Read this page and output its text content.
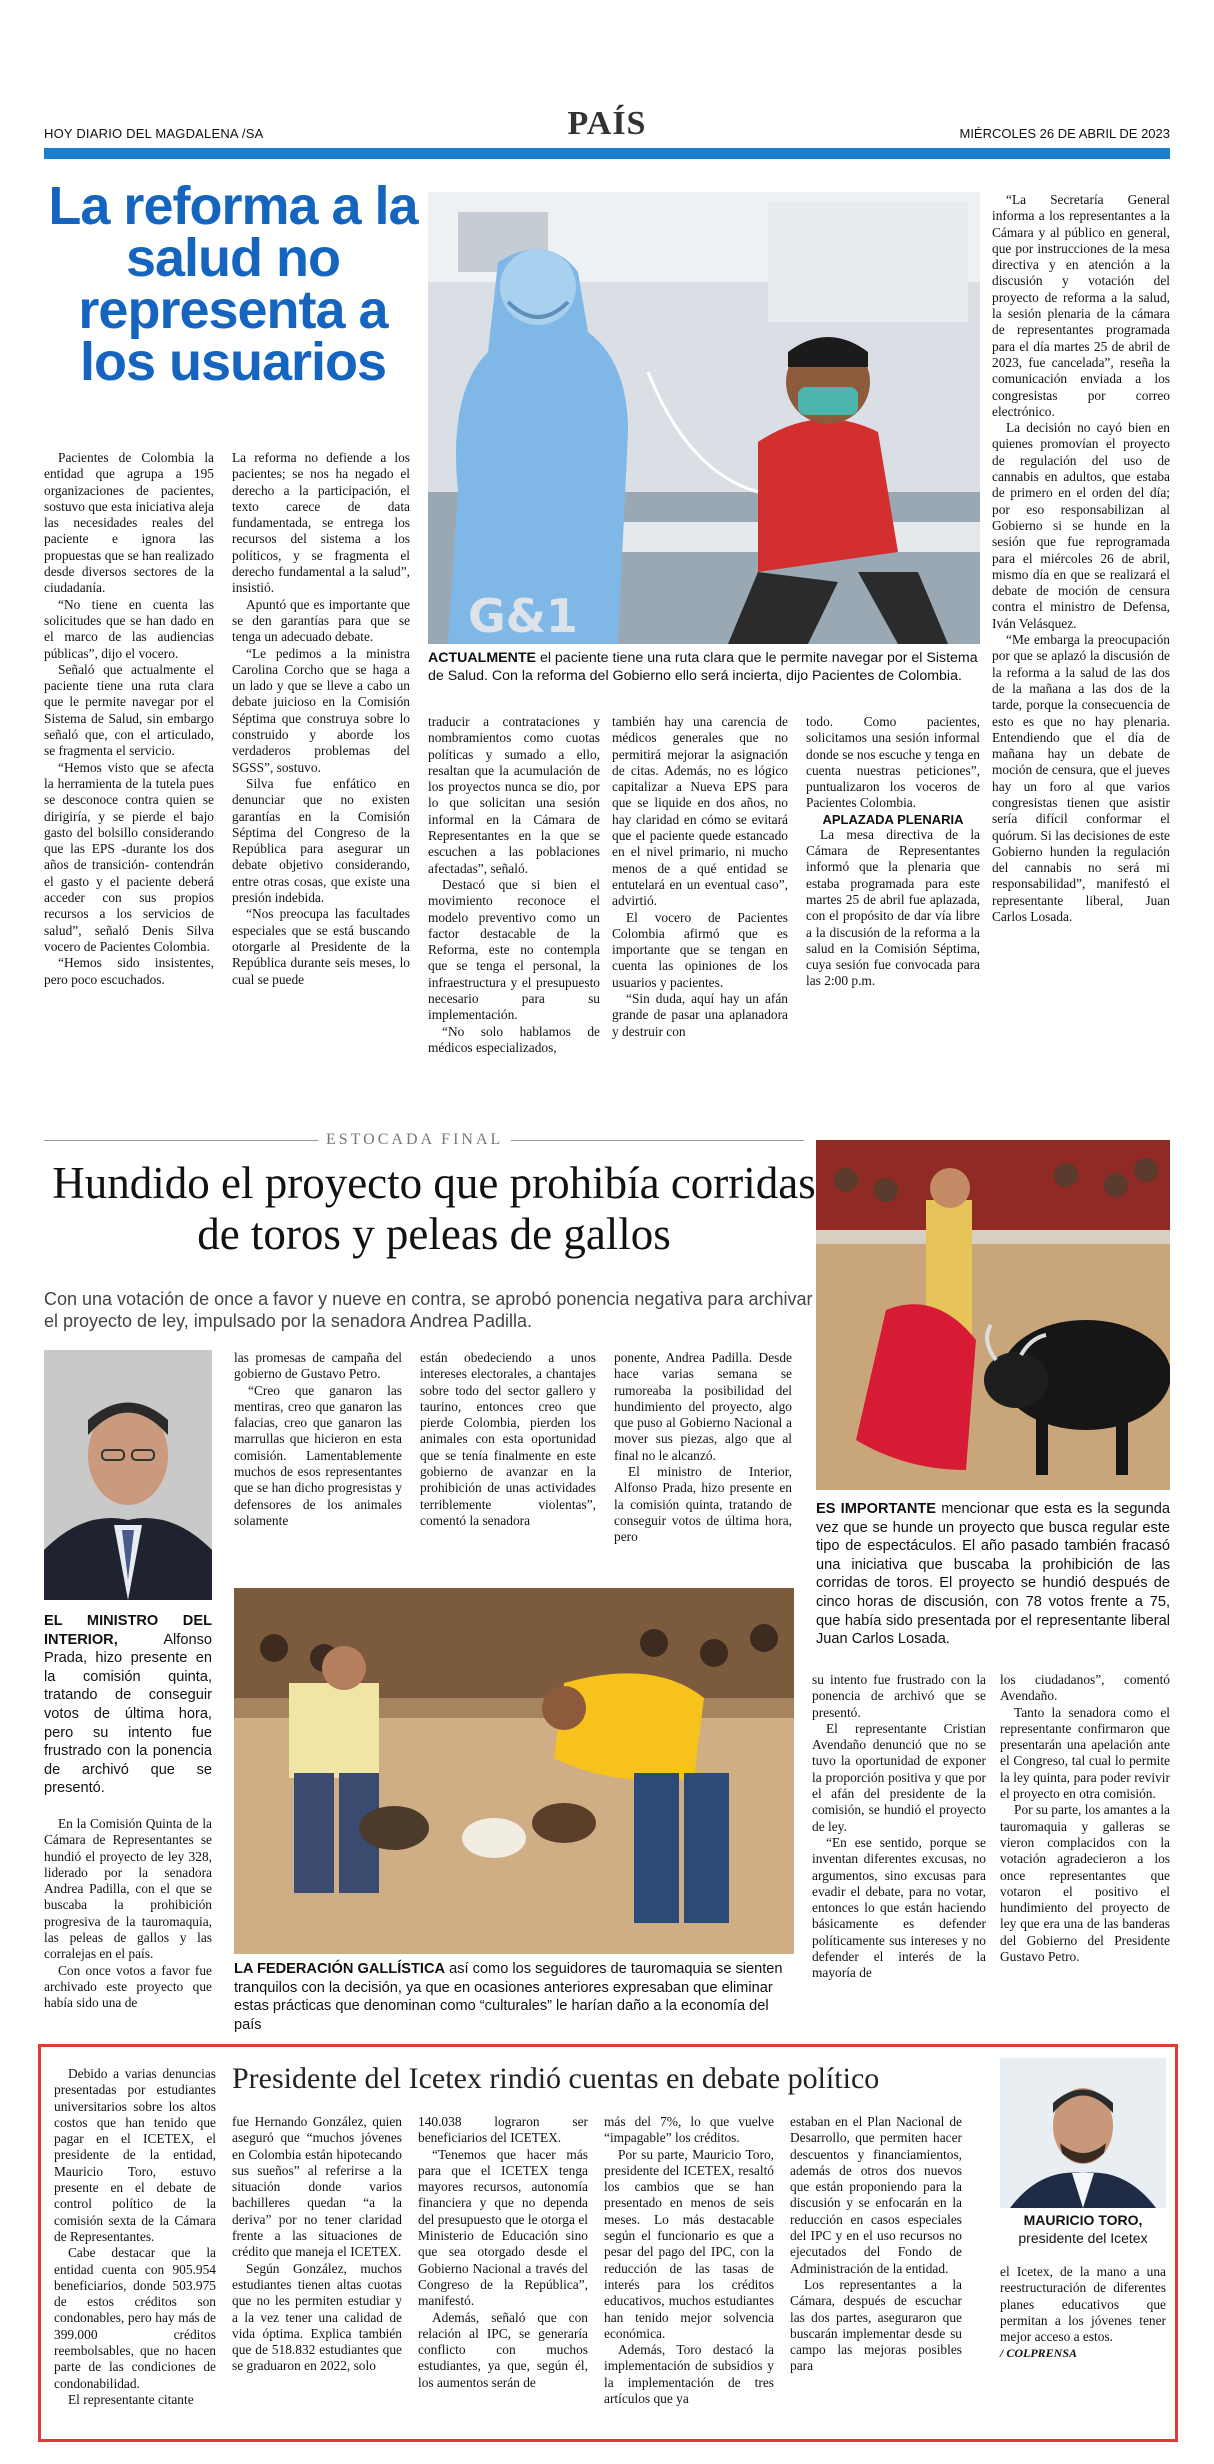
HOY DIARIO DEL MAGDALENA /SA	PAÍS	MIÉRCOLES 26 DE ABRIL DE 2023
La reforma a la salud no representa a los usuarios
G&1
ACTUALMENTE el paciente tiene una ruta clara que le permite navegar por el Sistema de Salud. Con la reforma del Gobierno ello será incierta, dijo Pacientes de Colombia.

Pacientes de Colombia la entidad que agrupa a 195 organizaciones de pacientes, sostuvo que esta iniciativa aleja las necesidades reales del paciente e ignora las propuestas que se han realizado desde diversos sectores de la ciudadanía.

“No tiene en cuenta las solicitudes que se han dado en el marco de las audiencias públicas”, dijo el vocero.

Señaló que actualmente el paciente tiene una ruta clara que le permite navegar por el Sistema de Salud, sin embargo señaló que, con el articulado, se fragmenta el servicio.

“Hemos visto que se afecta la herramienta de la tutela pues se desconoce contra quien se dirigiría, y se pierde el bajo gasto del bolsillo considerando que las EPS -durante los dos años de transición- contendrán el gasto y el paciente deberá acceder con sus propios recursos a los servicios de salud”, señaló Denis Silva vocero de Pacientes Colombia.

“Hemos sido insistentes, pero poco escuchados.

La reforma no defiende a los pacientes; se nos ha negado el derecho a la participación, el texto carece de data fundamentada, se entrega los recursos del sistema a los políticos, y se fragmenta el derecho fundamental a la salud”, insistió.

Apuntó que es importante que se den garantías para que se tenga un adecuado debate.

“Le pedimos a la ministra Carolina Corcho que se haga a un lado y que se lleve a cabo un debate juicioso en la Comisión Séptima que construya sobre lo construido y aborde los verdaderos problemas del SGSS”, sostuvo.

Silva fue enfático en denunciar que no existen garantías en la Comisión Séptima del Congreso de la República para asegurar un debate objetivo considerando, entre otras cosas, que existe una presión indebida.

“Nos preocupa las facultades especiales que se está buscando otorgarle al Presidente de la República durante seis meses, lo cual se puede

traducir a contrataciones y nombramientos como cuotas políticas y sumado a ello, resaltan que la acumulación de los proyectos nunca se dio, por lo que solicitan una sesión informal en la Cámara de Representantes en la que se escuchen a las poblaciones afectadas”, señaló.

Destacó que si bien el movimiento reconoce el modelo preventivo como un factor destacable de la Reforma, este no contempla que se tenga el personal, la infraestructura y el presupuesto necesario para su implementación.

“No solo hablamos de médicos especializados,

también hay una carencia de médicos generales que no permitirá mejorar la asignación de citas. Además, no es lógico capitalizar a Nueva EPS para que se liquide en dos años, no hay claridad en cómo se evitará que el paciente quede estancado en el nivel primario, ni mucho menos de a qué entidad se entutelará en un eventual caso”, advirtió.

El vocero de Pacientes Colombia afirmó que es importante que se tengan en cuenta las opiniones de los usuarios y pacientes.

“Sin duda, aquí hay un afán grande de pasar una aplanadora y destruir con

todo. Como pacientes, solicitamos una sesión informal donde se nos escuche y tenga en cuenta nuestras peticiones”, puntualizaron los voceros de Pacientes Colombia.

APLAZADA PLENARIA

La mesa directiva de la Cámara de Representantes informó que la plenaria que estaba programada para este martes 25 de abril fue aplazada, con el propósito de dar vía libre a la discusión de la reforma a la salud en la Comisión Séptima, cuya sesión fue convocada para las 2:00 p.m.

“La Secretaría General informa a los representantes a la Cámara y al público en general, que por instrucciones de la mesa directiva y en atención a la discusión y votación del proyecto de reforma a la salud, la sesión plenaria de la cámara de representantes programada para el día martes 25 de abril de 2023, fue cancelada”, reseña la comunicación enviada a los congresistas por correo electrónico.

La decisión no cayó bien en quienes promovían el proyecto de regulación del uso de cannabis en adultos, que estaba de primero en el orden del día; por eso responsabilizan al Gobierno si se hunde en la sesión que fue reprogramada para el miércoles 26 de abril, mismo día en que se realizará el debate de moción de censura contra el ministro de Defensa, Iván Velásquez.

“Me embarga la preocupación por que se aplazó la discusión de la reforma a la salud de las dos de la mañana a las dos de la tarde, porque la consecuencia de esto es que no hay plenaria. Entendiendo que el día de mañana hay un debate de moción de censura, que el jueves hay un foro al que varios congresistas tienen que asistir sería difícil conformar el quórum. Si las decisiones de este Gobierno hunden la regulación del cannabis no será mi responsabilidad”, manifestó el representante liberal, Juan Carlos Losada.

ESTOCADA FINAL
Hundido el proyecto que prohibía corridas de toros y peleas de gallos
Con una votación de once a favor y nueve en contra, se aprobó ponencia negativa para archivar el proyecto de ley, impulsado por la senadora Andrea Padilla.
ES IMPORTANTE mencionar que esta es la segunda vez que se hunde un proyecto que busca regular este tipo de espectáculos. El año pasado también fracasó una iniciativa que buscaba la prohibición de las corridas de toros. El proyecto se hundió después de cinco horas de discusión, con 78 votos frente a 75, que había sido presentada por el representante liberal Juan Carlos Losada.
EL MINISTRO DEL INTERIOR,	Alfonso Prada, hizo presente en la comisión quinta, tratando de conseguir votos de última hora, pero su intento fue frustrado con la ponencia de archivó que se presentó.

En la Comisión Quinta de la Cámara de Representantes se hundió el proyecto de ley 328, liderado por la senadora Andrea Padilla, con el que se buscaba la prohibición progresiva de la tauromaquia, las peleas de gallos y las corralejas en el país.

Con once votos a favor fue archivado este proyecto que había sido una de

las promesas de campaña del gobierno de Gustavo Petro.

“Creo que ganaron las mentiras, creo que ganaron las falacias, creo que ganaron las marrullas que hicieron en esta comisión. Lamentablemente muchos de esos representantes que se han dicho progresistas y defensores de los animales solamente

están obedeciendo a unos intereses electorales, a chantajes sobre todo del sector gallero y taurino, entonces creo que pierde Colombia, pierden los animales con esta oportunidad que se tenía finalmente en este gobierno de avanzar en la prohibición de unas actividades terriblemente violentas”, comentó la senadora

ponente, Andrea Padilla. Desde hace varias semana se rumoreaba la posibilidad del hundimiento del proyecto, algo que puso al Gobierno Nacional a mover sus piezas, algo que al final no le alcanzó.

El ministro de Interior, Alfonso Prada, hizo presente en la comisión quinta, tratando de conseguir votos de última hora, pero

LA FEDERACIÓN GALLÍSTICA así como los seguidores de tauromaquia se sienten tranquilos con la decisión, ya que en ocasiones anteriores expresaban que eliminar estas prácticas que denominan como “culturales” le harían daño a la economía del país

su intento fue frustrado con la ponencia de archivó que se presentó.

El representante Cristian Avendaño denunció que no se tuvo la oportunidad de exponer la proporción positiva y que por el afán del presidente de la comisión, se hundió el proyecto de ley.

“En ese sentido, porque se inventan diferentes excusas, no argumentos, sino excusas para evadir el debate, para no votar, entonces lo que están haciendo básicamente es defender políticamente sus intereses y no defender el interés de la mayoría de

los ciudadanos”, comentó Avendaño.

Tanto la senadora como el representante confirmaron que presentarán una apelación ante el Congreso, tal cual lo permite la ley quinta, para poder revivir el proyecto en otra comisión.

Por su parte, los amantes a la tauromaquia y galleras se vieron complacidos con la votación agradecieron a los once representantes que votaron el positivo el hundimiento del proyecto de ley que era una de las banderas del Gobierno del Presidente Gustavo Petro.

Presidente del Icetex rindió cuentas en debate político

Debido a varias denuncias presentadas por estudiantes universitarios sobre los altos costos que han tenido que pagar en el ICETEX, el presidente de la entidad, Mauricio Toro, estuvo presente en el debate de control político de la comisión sexta de la Cámara de Representantes.

Cabe destacar que la entidad cuenta con 905.954 beneficiarios, donde 503.975 de estos créditos son condonables, pero hay más de 399.000 créditos reembolsables, que no hacen parte de las condiciones de condonabilidad.

El representante citante

fue Hernando González, quien aseguró que “muchos jóvenes en Colombia están hipotecando sus sueños” al referirse a la situación donde varios bachilleres quedan “a la deriva” por no tener claridad frente a las situaciones de crédito que maneja el ICETEX.

Según González, muchos estudiantes tienen altas cuotas que no les permiten estudiar y a la vez tener una calidad de vida óptima. Explica también que de 518.832 estudiantes que se graduaron en 2022, solo

140.038 lograron ser beneficiarios del ICETEX.

“Tenemos que hacer más para que el ICETEX tenga mayores recursos, autonomía financiera y que no dependa del presupuesto que le otorga el Ministerio de Educación sino que sea otorgado desde el Gobierno Nacional a través del Congreso de la República”, manifestó.

Además, señaló que con relación al IPC, se generaría conflicto con muchos estudiantes, ya que, según él, los aumentos serán de

más del 7%, lo que vuelve “impagable” los créditos.

Por su parte, Mauricio Toro, presidente del ICETEX, resaltó los cambios que se han presentado en menos de seis meses. Lo más destacable según el funcionario es que a pesar del pago del IPC, con la reducción de las tasas de interés para los créditos educativos, muchos estudiantes han tenido mejor solvencia económica.

Además, Toro destacó la implementación de subsidios y la implementación de tres artículos que ya

estaban en el Plan Nacional de Desarrollo, que permiten hacer descuentos y financiamientos, además de otros dos nuevos que están proponiendo para la discusión y se enfocarán en la reducción en casos especiales del IPC y en el uso recursos no ejecutados del Fondo de Administración de la entidad.

Los representantes a la Cámara, después de escuchar las dos partes, aseguraron que buscarán implementar desde su campo las mejoras posibles para

MAURICIO TORO,
presidente del Icetex

el Icetex, de la mano a una reestructuración de diferentes planes educativos que permitan a los jóvenes tener mejor acceso a estos.

/ COLPRENSA
